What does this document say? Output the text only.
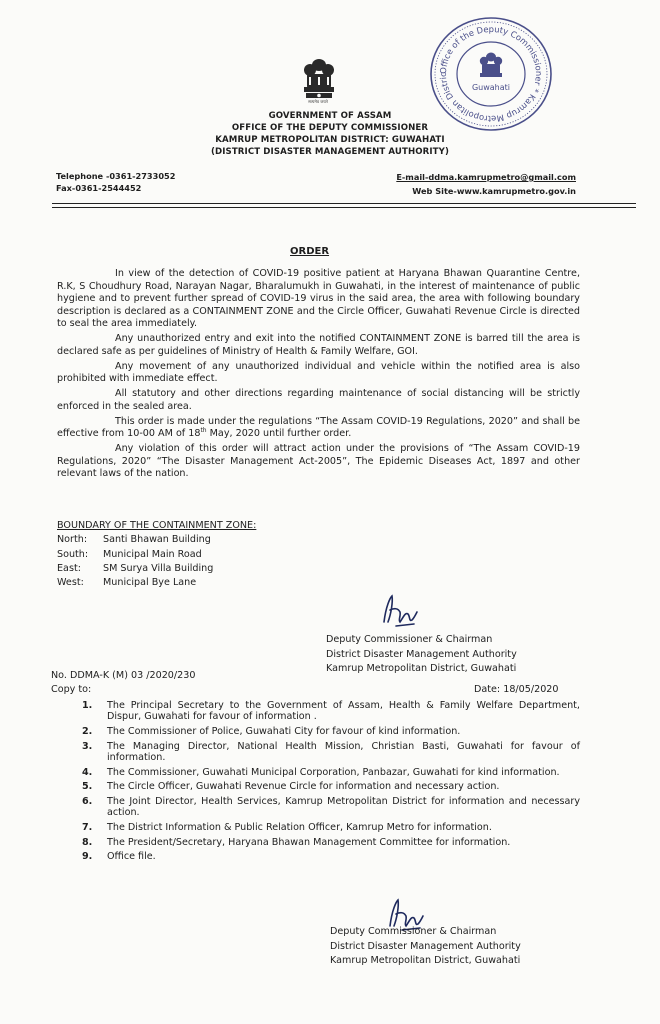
सत्यमेव जयते
Office of the Deputy Commissioner * Kamrup Metropolitan Distric
Guwahati
GOVERNMENT OF ASSAM
OFFICE OF THE DEPUTY COMMISSIONER
KAMRUP METROPOLITAN DISTRICT: GUWAHATI
(DISTRICT DISASTER MANAGEMENT AUTHORITY)
Telephone -0361-2733052
Fax-0361-2544452
E-mail-ddma.kamrupmetro@gmail.com
Web Site-www.kamrupmetro.gov.in
ORDER

In view of the detection of COVID-19 positive patient at Haryana Bhawan Quarantine Centre, R.K, S Choudhury Road, Narayan Nagar, Bharalumukh in Guwahati, in the interest of maintenance of public hygiene and to prevent further spread of COVID-19 virus in the said area, the area with following boundary description is declared as a CONTAINMENT ZONE and the Circle Officer, Guwahati Revenue Circle is directed to seal the area immediately.

Any unauthorized entry and exit into the notified CONTAINMENT ZONE is barred till the area is declared safe as per guidelines of Ministry of Health & Family Welfare, GOI.

Any movement of any unauthorized individual and vehicle within the notified area is also prohibited with immediate effect.

All statutory and other directions regarding maintenance of social distancing will be strictly enforced in the sealed area.

This order is made under the regulations “The Assam COVID-19 Regulations, 2020” and shall be effective from 10-00 AM of 18th May, 2020 until further order.

Any violation of this order will attract action under the provisions of “The Assam COVID-19 Regulations, 2020” “The Disaster Management Act-2005”, The Epidemic Diseases Act, 1897 and other relevant laws of the nation.

BOUNDARY OF THE CONTAINMENT ZONE:
North: Santi Bhawan Building
South: Municipal Main Road
East: SM Surya Villa Building
West: Municipal Bye Lane
Deputy Commissioner & Chairman
District Disaster Management Authority
Kamrup Metropolitan District, Guwahati
No. DDMA-K (M) 03 /2020/230
Copy to:	Date: 18/05/2020
1.	The Principal Secretary to the Government of Assam, Health & Family Welfare Department, Dispur, Guwahati for favour of information .
2.	The Commissioner of Police, Guwahati City for favour of kind information.
3.	The Managing Director, National Health Mission, Christian Basti, Guwahati for favour of information.
4.	The Commissioner, Guwahati Municipal Corporation, Panbazar, Guwahati for kind information.
5.	The Circle Officer, Guwahati Revenue Circle for information and necessary action.
6.	The Joint Director, Health Services, Kamrup Metropolitan District for information and necessary action.
7.	The District Information & Public Relation Officer, Kamrup Metro for information.
8.	The President/Secretary, Haryana Bhawan Management Committee for information.
9.	Office file.
Deputy Commissioner & Chairman
District Disaster Management Authority
Kamrup Metropolitan District, Guwahati
